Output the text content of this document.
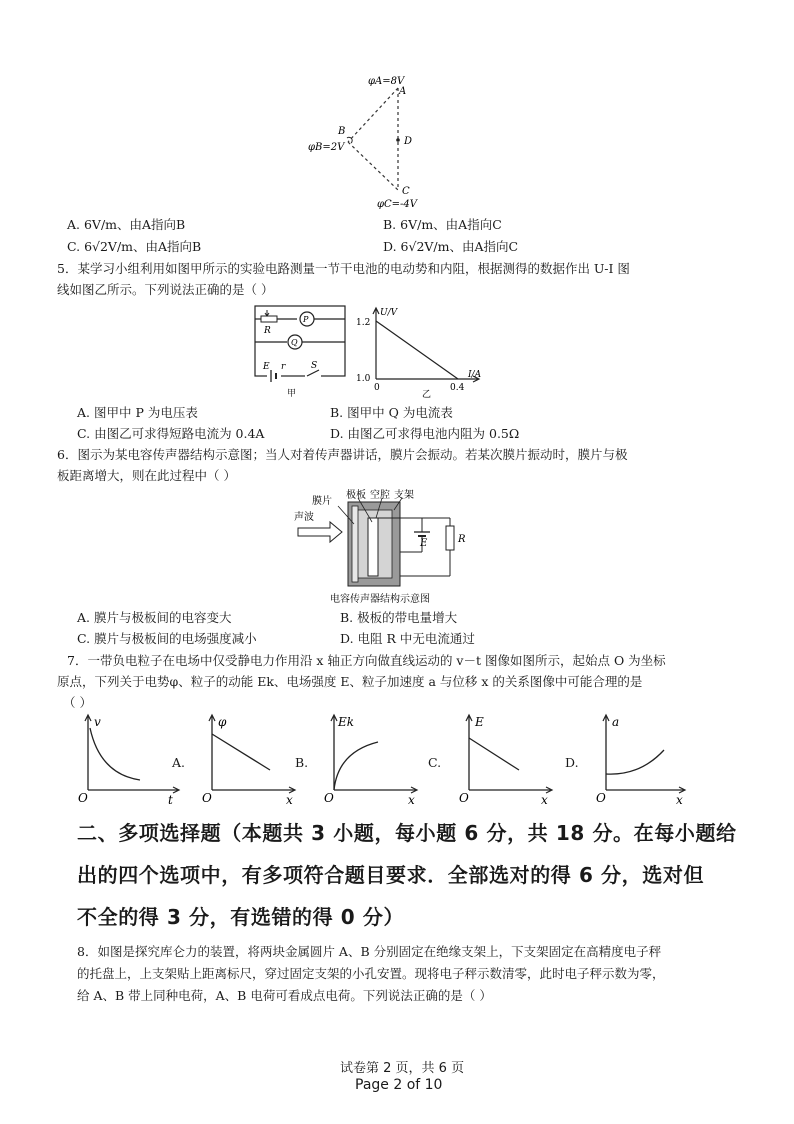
φA=8V
A
B
φB=2V
D
C
φC=-4V
A. 6V/m、由A指向B	B. 6V/m、由A指向C
C. 6√2V/m、由A指向B	D. 6√2V/m、由A指向C
5．某学习小组利用如图甲所示的实验电路测量一节干电池的电动势和内阻，根据测得的数据作出 U-I 图
线如图乙所示。下列说法正确的是（ ）
R
P
Q
E r	S
甲
U/V
I/A
1.2
1.0
0	0.4
乙
A. 图甲中 P 为电压表	B. 图甲中 Q 为电流表
C. 由图乙可求得短路电流为 0.4A	D. 由图乙可求得电池内阻为 0.5Ω
6．图示为某电容传声器结构示意图；当人对着传声器讲话，膜片会振动。若某次膜片振动时，膜片与极
板距离增大，则在此过程中（ ）
膜片
极板 空腔 支架
声波
E	R
电容传声器结构示意图
A. 膜片与极板间的电容变大	B. 极板的带电量增大
C. 膜片与极板间的电场强度减小	D. 电阻 R 中无电流通过
7．一带负电粒子在电场中仅受静电力作用沿 x 轴正方向做直线运动的 v－t 图像如图所示，起始点 O 为坐标
原点，下列关于电势φ、粒子的动能 Ek、电场强度 E、粒子加速度 a 与位移 x 的关系图像中可能合理的是
（ ）
v
t
O
A.
φ
x
O
B.
Ek
x
O
C.
E
x
O
D.
a
x
O
二、多项选择题（本题共 3 小题，每小题 6 分，共 18 分。在每小题给
出的四个选项中，有多项符合题目要求．全部选对的得 6 分，选对但
不全的得 3 分，有选错的得 0 分）
8．如图是探究库仑力的装置，将两块金属圆片 A、B 分别固定在绝缘支架上，下支架固定在高精度电子秤
的托盘上，上支架贴上距离标尺，穿过固定支架的小孔安置。现将电子秤示数清零，此时电子秤示数为零，
给 A、B 带上同种电荷，A、B 电荷可看成点电荷。下列说法正确的是（ ）
试卷第 2 页，共 6 页
Page 2 of 10
